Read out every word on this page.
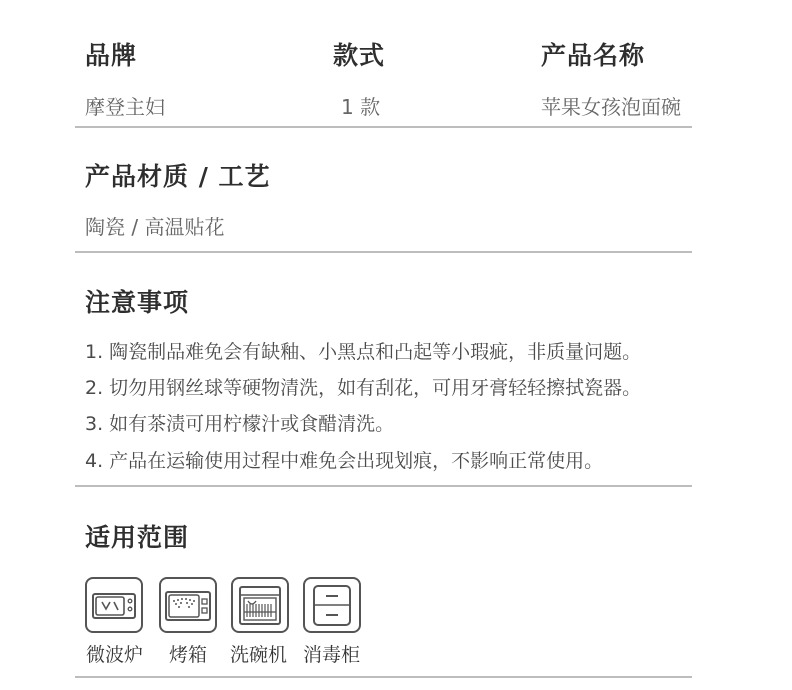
品牌	款式	产品名称
摩登主妇	1 款	苹果女孩泡面碗
产品材质 / 工艺
陶瓷 / 高温贴花
注意事项
1. 陶瓷制品难免会有缺釉、小黑点和凸起等小瑕疵，非质量问题。
2. 切勿用钢丝球等硬物清洗，如有刮花，可用牙膏轻轻擦拭瓷器。
3. 如有茶渍可用柠檬汁或食醋清洗。
4. 产品在运输使用过程中难免会出现划痕，不影响正常使用。
适用范围
微波炉 烤箱 洗碗机 消毒柜
